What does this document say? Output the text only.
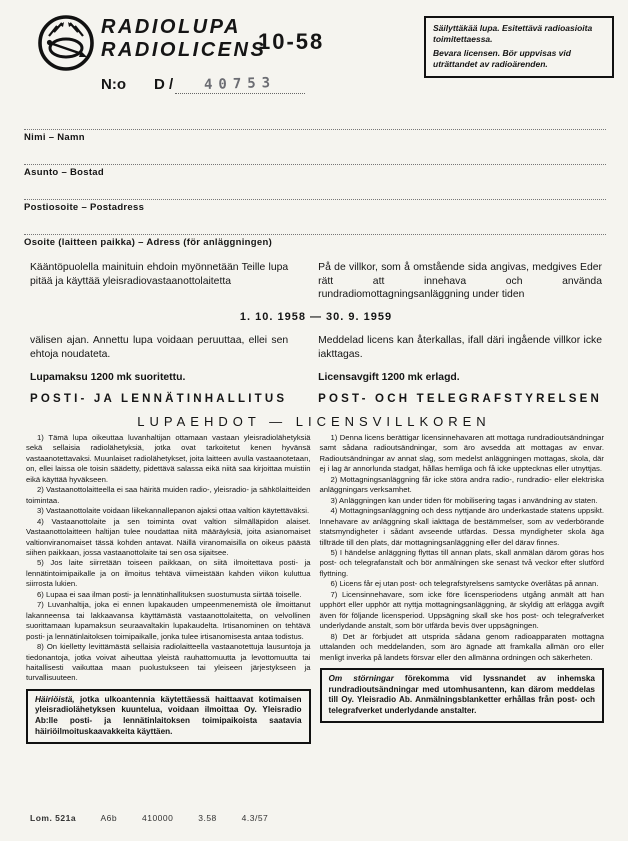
RADIOLUPA
RADIOLICENS
10-58
N:o D / 40753

Säilyttäkää lupa. Esitettävä radioasioita toimitettaessa.

Bevara licensen. Bör uppvisas vid uträttandet av radioärenden.

Nimi – Namn
Asunto – Bostad
Postiosoite – Postadress
Osoite (laitteen paikka) – Adress (för anläggningen)

Kääntöpuolella mainituin ehdoin myönnetään Teille lupa pitää ja käyttää yleisradiovastaanottolaitetta

På de villkor, som å omstående sida angivas, medgives Eder rätt att innehava och använda rundradiomottagningsanläggning under tiden

1. 10. 1958 — 30. 9. 1959

välisen ajan. Annettu lupa voidaan peruuttaa, ellei sen ehtoja noudateta.

Meddelad licens kan återkallas, ifall däri ingående villkor icke iakttagas.

Lupamaksu 1200 mk suoritettu.	Licensavgift 1200 mk erlagd.

POSTI- JA LENNÄTINHALLITUS	POST- OCH TELEGRAFSTYRELSEN

LUPAEHDOT — LICENSVILLKOREN

1) Tämä lupa oikeuttaa luvanhaltijan ottamaan vastaan yleisradiolähetyksiä sekä sellaisia radiolähetyksiä, jotka ovat tarkoitetut kenen hyvänsä vastaanotettavaksi. Muunlaiset radiolähetykset, joita laitteen avulla vastaanotetaan, on, ellei laissa ole toisin säädetty, pidettävä salassa eikä niitä saa kirjoittaa muistiin eikä käyttää hyväkseen.

2) Vastaanottolaitteella ei saa häiritä muiden radio-, yleisradio- ja sähkölaitteiden toimintaa.

3) Vastaanottolaite voidaan liikekannallepanon ajaksi ottaa valtion käytettäväksi.

4) Vastaanottolaite ja sen toiminta ovat valtion silmälläpidon alaiset. Vastaanottolaitteen haltijan tulee noudattaa niitä määräyksiä, joita asianomaiset valtionviranomaiset tässä kohden antavat. Näillä viranomaisilla on oikeus päästä siihen paikkaan, jossa vastaanottolaite tai sen osa sijaitsee.

5) Jos laite siirretään toiseen paikkaan, on siitä ilmoitettava posti- ja lennätintoimipaikalle ja on ilmoitus tehtävä viimeistään kahden viikon kuluttua siirrosta lukien.

6) Lupaa ei saa ilman posti- ja lennätinhallituksen suostumusta siirtää toiselle.

7) Luvanhaltija, joka ei ennen lupakauden umpeenmenemistä ole ilmoittanut lakanneensa tai lakkaavansa käyttämästä vastaanottolaitetta, on velvollinen suorittamaan lupamaksun seuraavaltakin lupakaudelta. Irtisanominen on tehtävä posti- ja lennätinlaitoksen toimipaikalle, jonka tulee irtisanomisesta antaa todistus.

8) On kielletty levittämästä sellaisia radiolaitteella vastaanotettuja lausuntoja ja tiedonantoja, jotka voivat aiheuttaa yleistä rauhattomuutta ja levottomuutta tai haitallisesti vaikuttaa maan puolustukseen tai yleiseen järjestykseen ja turvallisuuteen.

Häiriöistä, jotka ulkoantennia käytettäessä haittaavat kotimaisen yleisradiolähetyksen kuuntelua, voidaan ilmoittaa Oy. Yleisradio Ab:lle posti- ja lennätinlaitoksen toimipaikoista saatavia häiriöilmoituskaavakkeita käyttäen.

1) Denna licens berättigar licensinnehavaren att mottaga rundradioutsändningar samt sådana radioutsändningar, som äro avsedda att mottagas av envar. Radioutsändningar av annat slag, som medelst anläggningen mottagas, skola, där ej i lag är annorlunda stadgat, hållas hemliga och få icke upptecknas eller utnyttjas.

2) Mottagningsanläggning får icke störa andra radio-, rundradio- eller elektriska anläggningars verksamhet.

3) Anläggningen kan under tiden för mobilisering tagas i användning av staten.

4) Mottagningsanläggning och dess nyttjande äro underkastade statens uppsikt. Innehavare av anläggning skall iakttaga de bestämmelser, som av vederbörande statsmyndigheter i sådant avseende utfärdas. Dessa myndigheter skola äga tillträde till den plats, där mottagningsanläggning eller del därav finnes.

5) I händelse anläggning flyttas till annan plats, skall anmälan därom göras hos post- och telegrafanstalt och bör anmälningen ske senast två veckor efter slutförd flyttning.

6) Licens får ej utan post- och telegrafstyrelsens samtycke överlåtas på annan.

7) Licensinnehavare, som icke före licensperiodens utgång anmält att han upphört eller upphör att nyttja mottagningsanläggning, är skyldig att erlägga avgift även för följande licensperiod. Uppsägning skall ske hos post- och telegrafverket underlydande anstalt, som bör utfärda bevis över uppsägningen.

8) Det är förbjudet att utsprida sådana genom radioapparaten mottagna uttalanden och meddelanden, som äro ägnade att framkalla allmän oro eller menligt inverka på landets försvar eller den allmänna ordningen och säkerheten.

Om störningar förekomma vid lyssnandet av inhemska rundradioutsändningar med utomhusantenn, kan därom meddelas till Oy. Yleisradio Ab. Anmälningsblanketter erhållas från post- och telegrafverket underlydande anstalter.
Lom. 521a	A6b	410000	3.58	4.3/57
